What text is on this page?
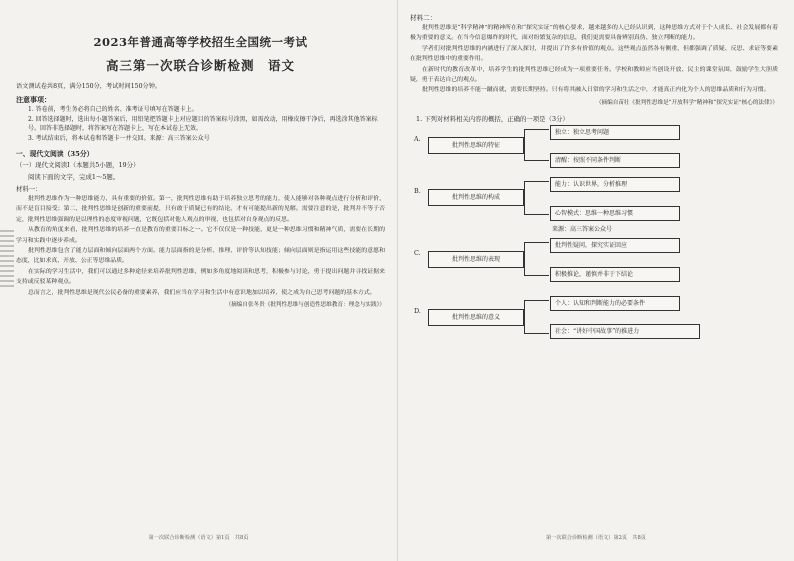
2023年普通高等学校招生全国统一考试
高三第一次联合诊断检测　语文
语文测试卷共8页，满分150分，考试时间150分钟。
注意事项：
1. 答卷前，考生务必将自己的姓名、准考证号填写在答题卡上。
2. 回答选择题时，选出每小题答案后，用铅笔把答题卡上对应题目的答案标号涂黑，如需改动，用橡皮擦干净后，再选涂其他答案标号。回答非选择题时，将答案写在答题卡上，写在本试卷上无效。
3. 考试结束后，将本试卷和答题卡一并交回。来源：高三答案公众号
一、现代文阅读（35分）
（一）现代文阅读Ⅰ（本题共5小题，19分）
阅读下面的文字，完成1～5题。
材料一：

批判性思维作为一种思维能力，具有重要的价值。第一，批判性思维有助于培养独立思考的能力，使人能够对各种观点进行分析和评价，而不是盲目接受；第二，批判性思维是创新的重要前提，只有敢于质疑已有的结论，才有可能提出新的见解。需要注意的是，批判并不等于否定，批判性思维强调的是以理性的态度审视问题，它既包括对他人观点的审视，也包括对自身观点的反思。

从教育的角度来看，批判性思维的培养一直是教育的重要目标之一。它不仅仅是一种技能，更是一种思维习惯和精神气质，需要在长期的学习和实践中逐步养成。

批判性思维包含了能力层面和倾向层面两个方面。能力层面指的是分析、推理、评价等认知技能；倾向层面则是指运用这些技能的意愿和态度，比如求真、开放、公正等思维品质。

在实际的学习生活中，我们可以通过多种途径来培养批判性思维，例如多角度地阅读和思考，积极参与讨论，勇于提出问题并寻找证据来支持或反驳某种观点。

总而言之，批判性思维是现代公民必备的重要素养，我们应当在学习和生活中有意识地加以培养，使之成为自己思考问题的基本方式。

（摘编自张冬贵《批判性思维与创造性思维教育：理念与实践》）
第一次联合诊断检测（语文）第1页　共8页
材料二：

批判性思维是“科学精神”的精神所在和“探究实证”的核心要求，越来越多的人已经认识到，这种思维方式对于个人成长、社会发展都有着极为重要的意义。在当今信息爆炸的时代，面对纷繁复杂的信息，我们更需要具备辨别真伪、独立判断的能力。

学者们对批判性思维的内涵进行了深入探讨，并提出了许多有价值的观点。这些观点虽然各有侧重，但都强调了质疑、反思、求证等要素在批判性思维中的重要作用。

在新时代的教育改革中，培养学生的批判性思维已经成为一项重要任务。学校和教师应当创设开放、民主的课堂氛围，鼓励学生大胆质疑，勇于表达自己的观点。

批判性思维的培养不能一蹴而就，需要长期坚持。只有将其融入日常的学习和生活之中，才能真正内化为个人的思维品质和行为习惯。

（摘编自苗壮《批判性思维是“开放科学”精神和“探究实证”核心的法律》）
1. 下列对材料相关内容的概括，正确的一项是（3分）
A.
批判性思维的特征
独立：独立思考问题
清醒：按照不同条件判断
B.
批判性思维的构成
能力：认识世界，分析推理
心智模式：思维一种思维习惯
来源：高三答案公众号
C.
批判性思维的表现
批判性疑问，探究实证回应
积极推论，谨慎并非于下结论
D.
批判性思维的意义
个人：认知和判断能力的必要条件
社会：“讲好中国故事”的推进力
第一次联合诊断检测（语文）第2页　共8页
